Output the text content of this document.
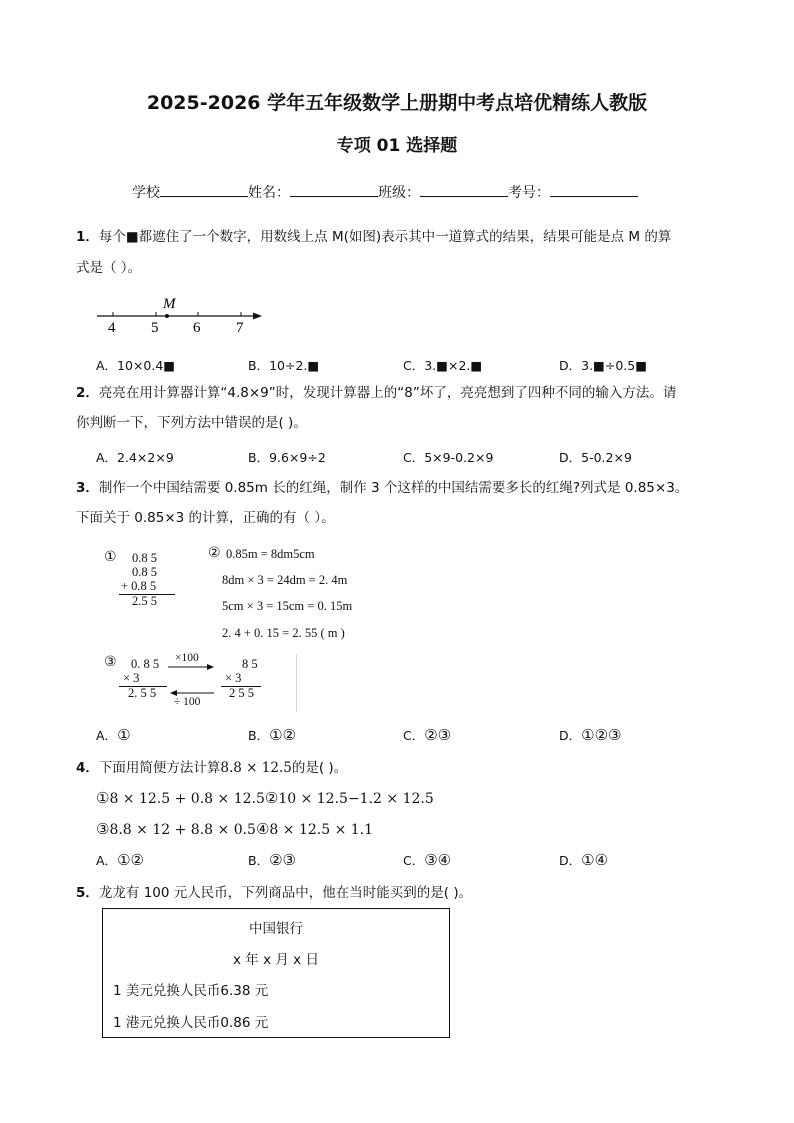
2025-2026 学年五年级数学上册期中考点培优精练人教版
专项 01 选择题
学校	姓名：	班级：	考号：
1．每个■都遮住了一个数字，用数线上点 M(如图)表示其中一道算式的结果，结果可能是点 M 的算
式是（ ）。
M
4 5 6 7
A．10×0.4■	B．10÷2.■	C．3.■×2.■	D．3.■÷0.5■
2．亮亮在用计算器计算“4.8×9”时，发现计算器上的“8”坏了，亮亮想到了四种不同的输入方法。请
你判断一下，下列方法中错误的是( )。
A．2.4×2×9	B．9.6×9÷2	C．5×9-0.2×9	D．5-0.2×9
3．制作一个中国结需要 0.85m 长的红绳，制作 3 个这样的中国结需要多长的红绳?列式是 0.85×3。
下面关于 0.85×3 的计算，正确的有（ ）。
① 0.8 5
0.8 5
+ 0.8 5
2.5 5
② 0.85m = 8dm5cm
8dm × 3 = 24dm = 2. 4m
5cm × 3 = 15cm = 0. 15m
2. 4 + 0. 15 = 2. 55 ( m )
③ 0. 8 5
× 3
2. 5 5
8 5
× 3
2 5 5
×100
÷ 100
A．①	B．①②	C．②③	D．①②③
4．下面用简便方法计算8.8 × 12.5的是( )。
①8 × 12.5 + 0.8 × 12.5②10 × 12.5−1.2 × 12.5
③8.8 × 12 + 8.8 × 0.5④8 × 12.5 × 1.1
A．①②	B．②③	C．③④	D．①④
5．龙龙有 100 元人民币，下列商品中，他在当时能买到的是( )。
中国银行
x 年 x 月 x 日
1 美元兑换人民币6.38 元
1 港元兑换人民币0.86 元
